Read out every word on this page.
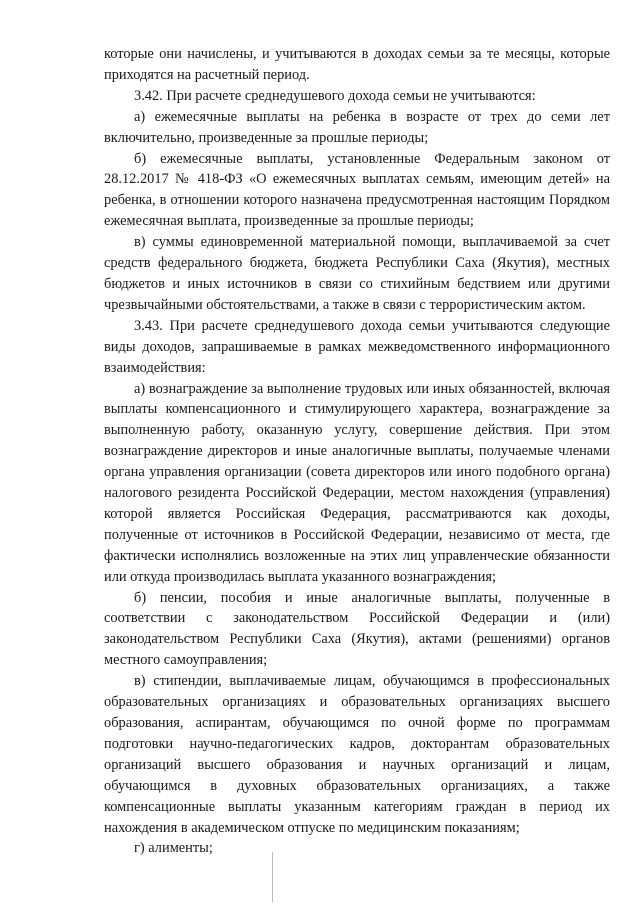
которые они начислены, и учитываются в доходах семьи за те месяцы, которые приходятся на расчетный период.

3.42. При расчете среднедушевого дохода семьи не учитываются:

а) ежемесячные выплаты на ребенка в возрасте от трех до семи лет включительно, произведенные за прошлые периоды;

б) ежемесячные выплаты, установленные Федеральным законом от 28.12.2017 № 418-ФЗ «О ежемесячных выплатах семьям, имеющим детей» на ребенка, в отношении которого назначена предусмотренная настоящим Порядком ежемесячная выплата, произведенные за прошлые периоды;

в) суммы единовременной материальной помощи, выплачиваемой за счет средств федерального бюджета, бюджета Республики Саха (Якутия), местных бюджетов и иных источников в связи со стихийным бедствием или другими чрезвычайными обстоятельствами, а также в связи с террористическим актом.

3.43. При расчете среднедушевого дохода семьи учитываются следующие виды доходов, запрашиваемые в рамках межведомственного информационного взаимодействия:

а) вознаграждение за выполнение трудовых или иных обязанностей, включая выплаты компенсационного и стимулирующего характера, вознаграждение за выполненную работу, оказанную услугу, совершение действия. При этом вознаграждение директоров и иные аналогичные выплаты, получаемые членами органа управления организации (совета директоров или иного подобного органа) налогового резидента Российской Федерации, местом нахождения (управления) которой является Российская Федерация, рассматриваются как доходы, полученные от источников в Российской Федерации, независимо от места, где фактически исполнялись возложенные на этих лиц управленческие обязанности или откуда производилась выплата указанного вознаграждения;

б) пенсии, пособия и иные аналогичные выплаты, полученные в соответствии с законодательством Российской Федерации и (или) законодательством Республики Саха (Якутия), актами (решениями) органов местного самоуправления;

в) стипендии, выплачиваемые лицам, обучающимся в профессиональных образовательных организациях и образовательных организациях высшего образования, аспирантам, обучающимся по очной форме по программам подготовки научно-педагогических кадров, докторантам образовательных организаций высшего образования и научных организаций и лицам, обучающимся в духовных образовательных организациях, а также компенсационные выплаты указанным категориям граждан в период их нахождения в академическом отпуске по медицинским показаниям;

г) алименты;
